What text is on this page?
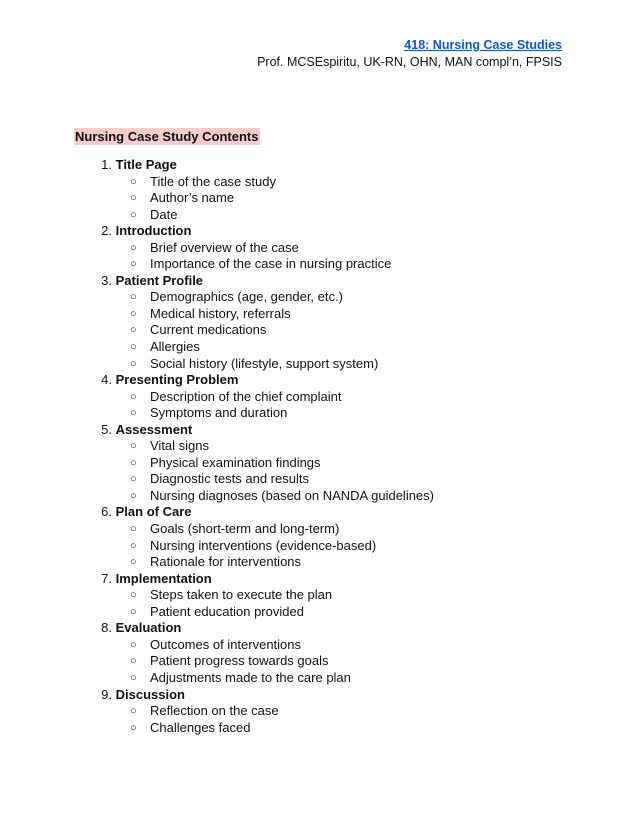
418: Nursing Case Studies
Prof. MCSEspiritu, UK-RN, OHN, MAN compl’n, FPSIS
Nursing Case Study Contents
1. Title Page
○ Title of the case study
○ Author’s name
○ Date
2. Introduction
○ Brief overview of the case
○ Importance of the case in nursing practice
3. Patient Profile
○ Demographics (age, gender, etc.)
○ Medical history, referrals
○ Current medications
○ Allergies
○ Social history (lifestyle, support system)
4. Presenting Problem
○ Description of the chief complaint
○ Symptoms and duration
5. Assessment
○ Vital signs
○ Physical examination findings
○ Diagnostic tests and results
○ Nursing diagnoses (based on NANDA guidelines)
6. Plan of Care
○ Goals (short-term and long-term)
○ Nursing interventions (evidence-based)
○ Rationale for interventions
7. Implementation
○ Steps taken to execute the plan
○ Patient education provided
8. Evaluation
○ Outcomes of interventions
○ Patient progress towards goals
○ Adjustments made to the care plan
9. Discussion
○ Reflection on the case
○ Challenges faced
